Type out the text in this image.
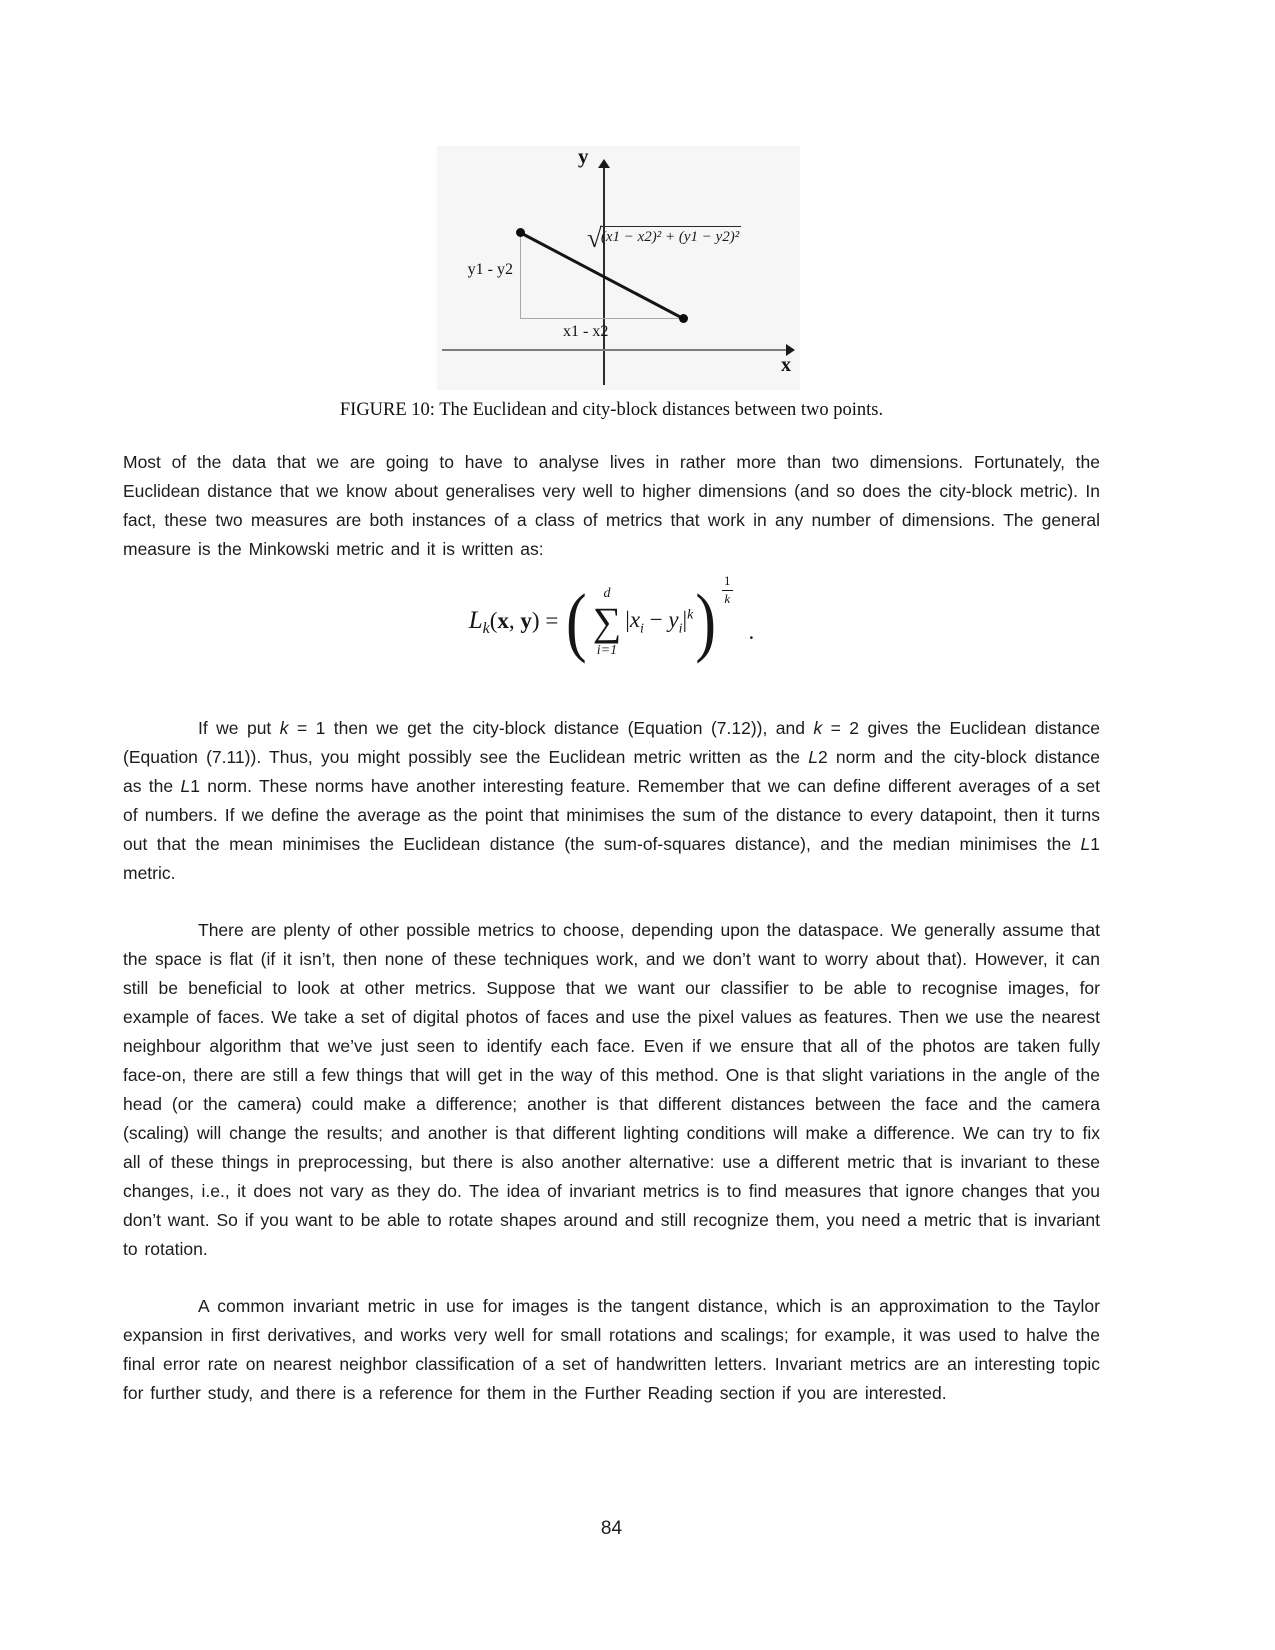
y
x
y1 - y2
x1 - x2
√ (x1 − x2)² + (y1 − y2)²
FIGURE 10: The Euclidean and city-block distances between two points.

Most of the data that we are going to have to analyse lives in rather more than two dimensions. Fortunately, the Euclidean distance that we know about generalises very well to higher dimensions (and so does the city-block metric). In fact, these two measures are both instances of a class of metrics that work in any number of dimensions. The general measure is the Minkowski metric and it is written as:

$L_k(x$, y) = ( d
∑
i=1
$|x_i - y_i|^k$ ) $\frac{1}{k}$
.

If we put k = 1 then we get the city-block distance (Equation (7.12)), and k = 2 gives the Euclidean distance (Equation (7.11)). Thus, you might possibly see the Euclidean metric written as the L2 norm and the city-block distance as the L1 norm. These norms have another interesting feature. Remember that we can define different averages of a set of numbers. If we define the average as the point that minimises the sum of the distance to every datapoint, then it turns out that the mean minimises the Euclidean distance (the sum-of-squares distance), and the median minimises the L1 metric.

There are plenty of other possible metrics to choose, depending upon the dataspace. We generally assume that the space is flat (if it isn’t, then none of these techniques work, and we don’t want to worry about that). However, it can still be beneficial to look at other metrics. Suppose that we want our classifier to be able to recognise images, for example of faces. We take a set of digital photos of faces and use the pixel values as features. Then we use the nearest neighbour algorithm that we’ve just seen to identify each face. Even if we ensure that all of the photos are taken fully face-on, there are still a few things that will get in the way of this method. One is that slight variations in the angle of the head (or the camera) could make a difference; another is that different distances between the face and the camera (scaling) will change the results; and another is that different lighting conditions will make a difference. We can try to fix all of these things in preprocessing, but there is also another alternative: use a different metric that is invariant to these changes, i.e., it does not vary as they do. The idea of invariant metrics is to find measures that ignore changes that you don’t want. So if you want to be able to rotate shapes around and still recognize them, you need a metric that is invariant to rotation.

A common invariant metric in use for images is the tangent distance, which is an approximation to the Taylor expansion in first derivatives, and works very well for small rotations and scalings; for example, it was used to halve the final error rate on nearest neighbor classification of a set of handwritten letters. Invariant metrics are an interesting topic for further study, and there is a reference for them in the Further Reading section if you are interested.

84
